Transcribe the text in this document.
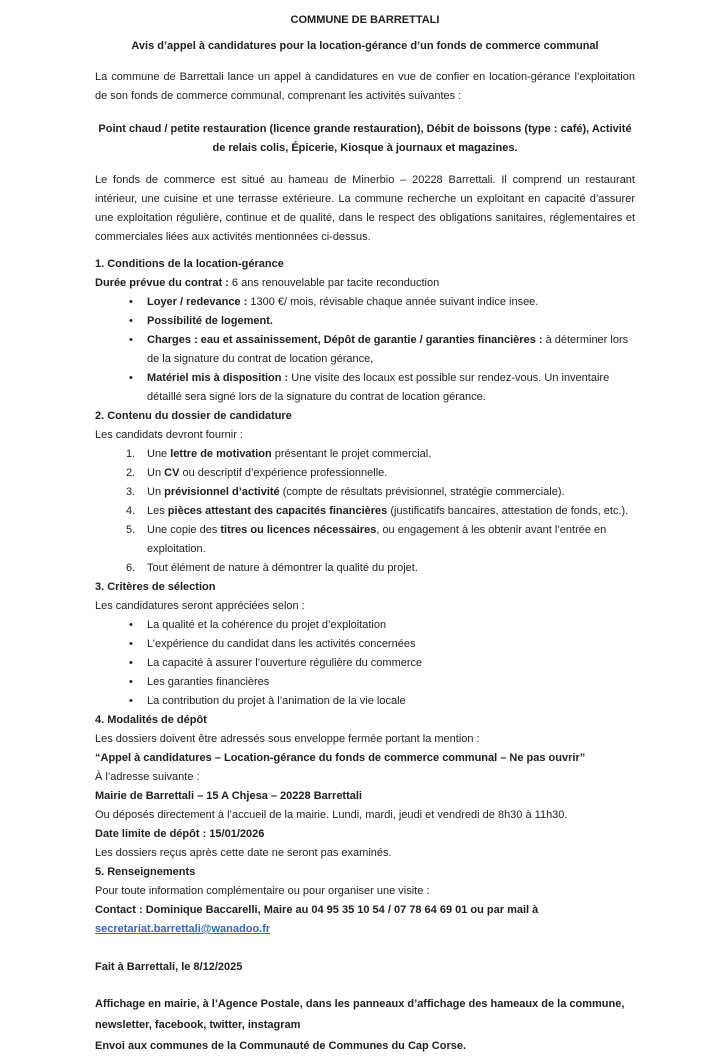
COMMUNE DE BARRETTALI

Avis d’appel à candidatures pour la location-gérance d’un fonds de commerce communal

La commune de Barrettali lance un appel à candidatures en vue de confier en location-gérance l’exploitation de son fonds de commerce communal, comprenant les activités suivantes :

Point chaud / petite restauration (licence grande restauration), Débit de boissons (type : café), Activité de relais colis, Épicerie, Kiosque à journaux et magazines.

Le fonds de commerce est situé au hameau de Minerbio – 20228 Barrettali. Il comprend un restaurant intérieur, une cuisine et une terrasse extérieure. La commune recherche un exploitant en capacité d’assurer une exploitation régulière, continue et de qualité, dans le respect des obligations sanitaires, réglementaires et commerciales liées aux activités mentionnées ci-dessus.

1. Conditions de la location-gérance

Durée prévue du contrat : 6 ans renouvelable par tacite reconduction

•	Loyer / redevance : 1300 €/ mois, révisable chaque année suivant indice insee.
•	Possibilité de logement.
•	Charges : eau et assainissement, Dépôt de garantie / garanties financières : à déterminer lors de la signature du contrat de location gérance,
•	Matériel mis à disposition : Une visite des locaux est possible sur rendez-vous. Un inventaire détaillé sera signé lors de la signature du contrat de location gérance.

2. Contenu du dossier de candidature

Les candidats devront fournir :

1.	Une lettre de motivation présentant le projet commercial.
2.	Un CV ou descriptif d’expérience professionnelle.
3.	Un prévisionnel d’activité (compte de résultats prévisionnel, stratégie commerciale).
4.	Les pièces attestant des capacités financières (justificatifs bancaires, attestation de fonds, etc.).
5.	Une copie des titres ou licences nécessaires, ou engagement à les obtenir avant l’entrée en exploitation.
6.	Tout élément de nature à démontrer la qualité du projet.

3. Critères de sélection

Les candidatures seront appréciées selon :

•	La qualité et la cohérence du projet d’exploitation
•	L’expérience du candidat dans les activités concernées
•	La capacité à assurer l’ouverture régulière du commerce
•	Les garanties financières
•	La contribution du projet à l’animation de la vie locale

4. Modalités de dépôt

Les dossiers doivent être adressés sous enveloppe fermée portant la mention :

“Appel à candidatures – Location-gérance du fonds de commerce communal – Ne pas ouvrir”

À l’adresse suivante :

Mairie de Barrettali – 15 A Chjesa – 20228 Barrettali

Ou déposés directement à l’accueil de la mairie. Lundi, mardi, jeudi et vendredi de 8h30 à 11h30.

Date limite de dépôt : 15/01/2026

Les dossiers reçus après cette date ne seront pas examinés.

5. Renseignements

Pour toute information complémentaire ou pour organiser une visite :

Contact : Dominique Baccarelli, Maire au 04 95 35 10 54 / 07 78 64 69 01 ou par mail à

secretariat.barrettali@wanadoo.fr

Fait à Barrettali, le 8/12/2025

Affichage en mairie, à l’Agence Postale, dans les panneaux d’affichage des hameaux de la commune, newsletter, facebook, twitter, instagram

Envoi aux communes de la Communauté de Communes du Cap Corse.
